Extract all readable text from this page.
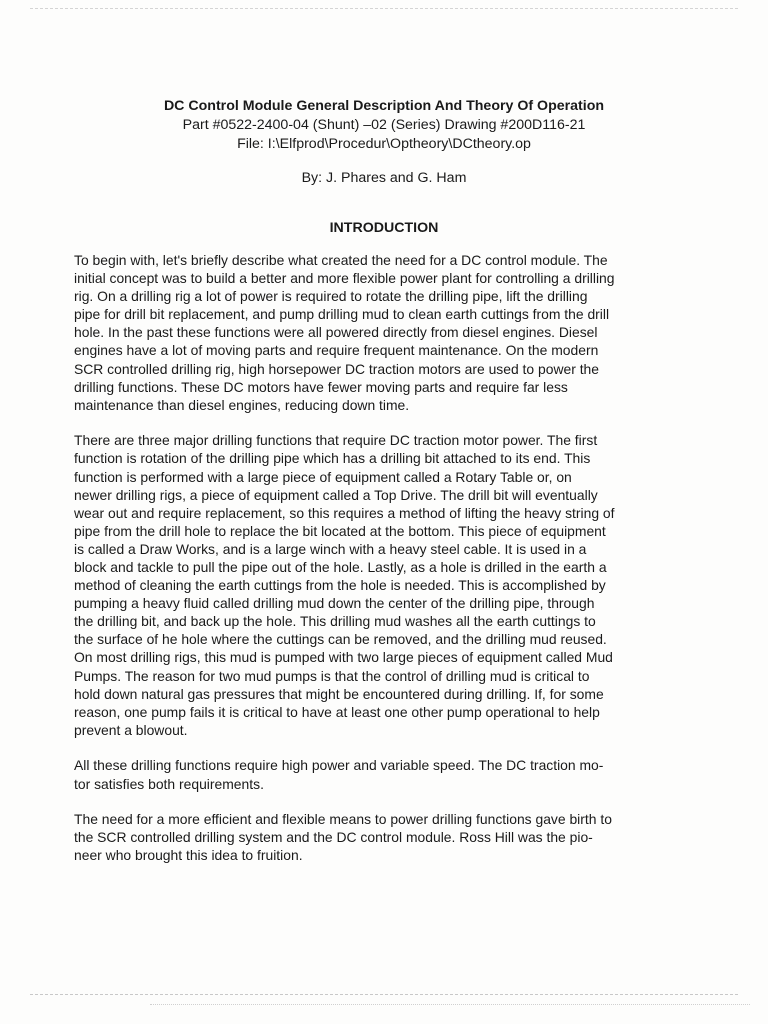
DC Control Module General Description And Theory Of Operation

Part #0522-2400-04 (Shunt) –02 (Series) Drawing #200D116-21

File: I:\Elfprod\Procedur\Optheory\DCtheory.op

By: J. Phares and G. Ham
INTRODUCTION

To begin with, let's briefly describe what created the need for a DC control module. The
initial concept was to build a better and more flexible power plant for controlling a drilling
rig. On a drilling rig a lot of power is required to rotate the drilling pipe, lift the drilling
pipe for drill bit replacement, and pump drilling mud to clean earth cuttings from the drill
hole. In the past these functions were all powered directly from diesel engines. Diesel
engines have a lot of moving parts and require frequent maintenance. On the modern
SCR controlled drilling rig, high horsepower DC traction motors are used to power the
drilling functions. These DC motors have fewer moving parts and require far less
maintenance than diesel engines, reducing down time.

There are three major drilling functions that require DC traction motor power. The first
function is rotation of the drilling pipe which has a drilling bit attached to its end. This
function is performed with a large piece of equipment called a Rotary Table or, on
newer drilling rigs, a piece of equipment called a Top Drive. The drill bit will eventually
wear out and require replacement, so this requires a method of lifting the heavy string of
pipe from the drill hole to replace the bit located at the bottom. This piece of equipment
is called a Draw Works, and is a large winch with a heavy steel cable. It is used in a
block and tackle to pull the pipe out of the hole. Lastly, as a hole is drilled in the earth a
method of cleaning the earth cuttings from the hole is needed. This is accomplished by
pumping a heavy fluid called drilling mud down the center of the drilling pipe, through
the drilling bit, and back up the hole. This drilling mud washes all the earth cuttings to
the surface of he hole where the cuttings can be removed, and the drilling mud reused.
On most drilling rigs, this mud is pumped with two large pieces of equipment called Mud
Pumps. The reason for two mud pumps is that the control of drilling mud is critical to
hold down natural gas pressures that might be encountered during drilling. If, for some
reason, one pump fails it is critical to have at least one other pump operational to help
prevent a blowout.

All these drilling functions require high power and variable speed. The DC traction mo-
tor satisfies both requirements.

The need for a more efficient and flexible means to power drilling functions gave birth to
the SCR controlled drilling system and the DC control module. Ross Hill was the pio-
neer who brought this idea to fruition.
